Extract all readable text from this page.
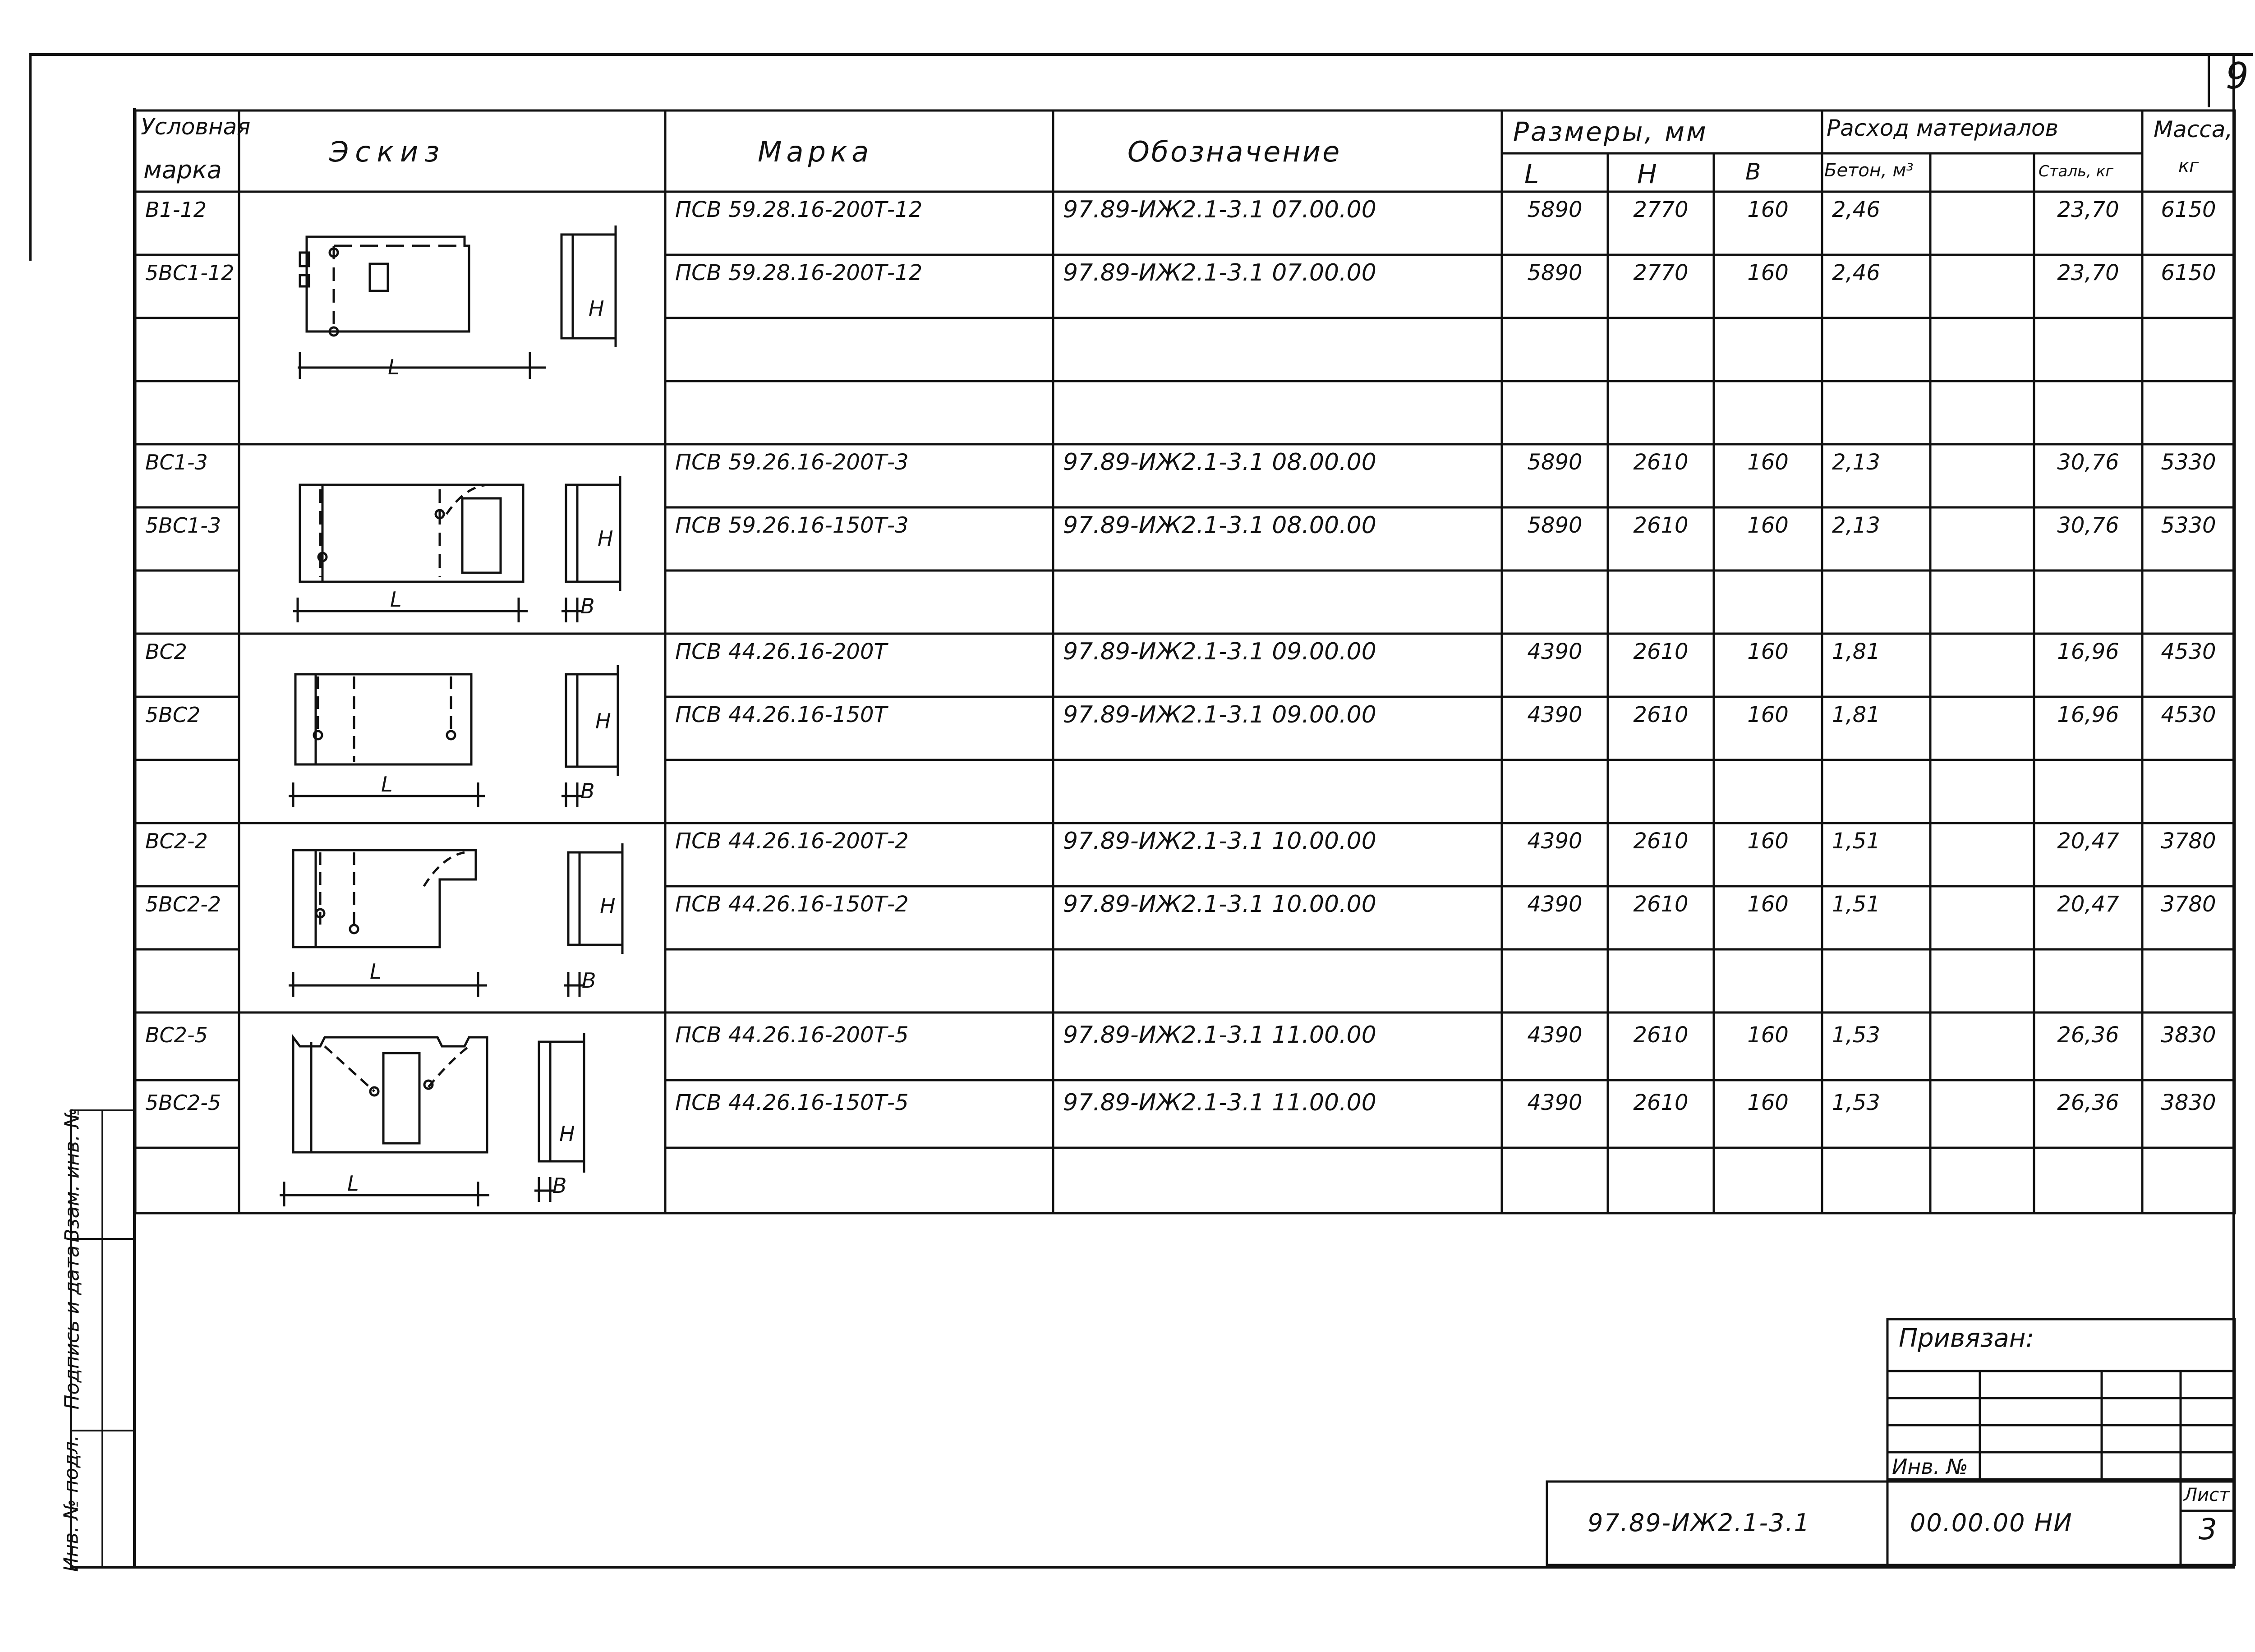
9
Инв. № подл.
Подпись и дата
Взам. инв. №
L
H
L
H
B
L
H
B
L
H
B
L
H
B
Условная
марка
Эскиз	Марка	Обозначение
Размеры, мм
L	H	B
Расход материалов
Бетон, м³	Сталь, кг
Масса,
кг
В1-12	ПСВ 59.28.16-200Т-12	97.89-ИЖ2.1-3.1 07.00.00	5890	2770	160	2,46	23,70	6150
5ВС1-12	ПСВ 59.28.16-200Т-12	97.89-ИЖ2.1-3.1 07.00.00	5890	2770	160	2,46	23,70	6150
ВС1-3	ПСВ 59.26.16-200Т-3	97.89-ИЖ2.1-3.1 08.00.00	5890	2610	160	2,13	30,76	5330
5ВС1-3	ПСВ 59.26.16-150Т-3	97.89-ИЖ2.1-3.1 08.00.00	5890	2610	160	2,13	30,76	5330
ВС2	ПСВ 44.26.16-200Т	97.89-ИЖ2.1-3.1 09.00.00	4390	2610	160	1,81	16,96	4530
5ВС2	ПСВ 44.26.16-150Т	97.89-ИЖ2.1-3.1 09.00.00	4390	2610	160	1,81	16,96	4530
ВС2-2	ПСВ 44.26.16-200Т-2	97.89-ИЖ2.1-3.1 10.00.00	4390	2610	160	1,51	20,47	3780
5ВС2-2	ПСВ 44.26.16-150Т-2	97.89-ИЖ2.1-3.1 10.00.00	4390	2610	160	1,51	20,47	3780
ВС2-5	ПСВ 44.26.16-200Т-5	97.89-ИЖ2.1-3.1 11.00.00	4390	2610	160	1,53	26,36	3830
5ВС2-5	ПСВ 44.26.16-150Т-5	97.89-ИЖ2.1-3.1 11.00.00	4390	2610	160	1,53	26,36	3830
Привязан:
Инв. №
97.89-ИЖ2.1-3.1	00.00.00 НИ
Лист
3
